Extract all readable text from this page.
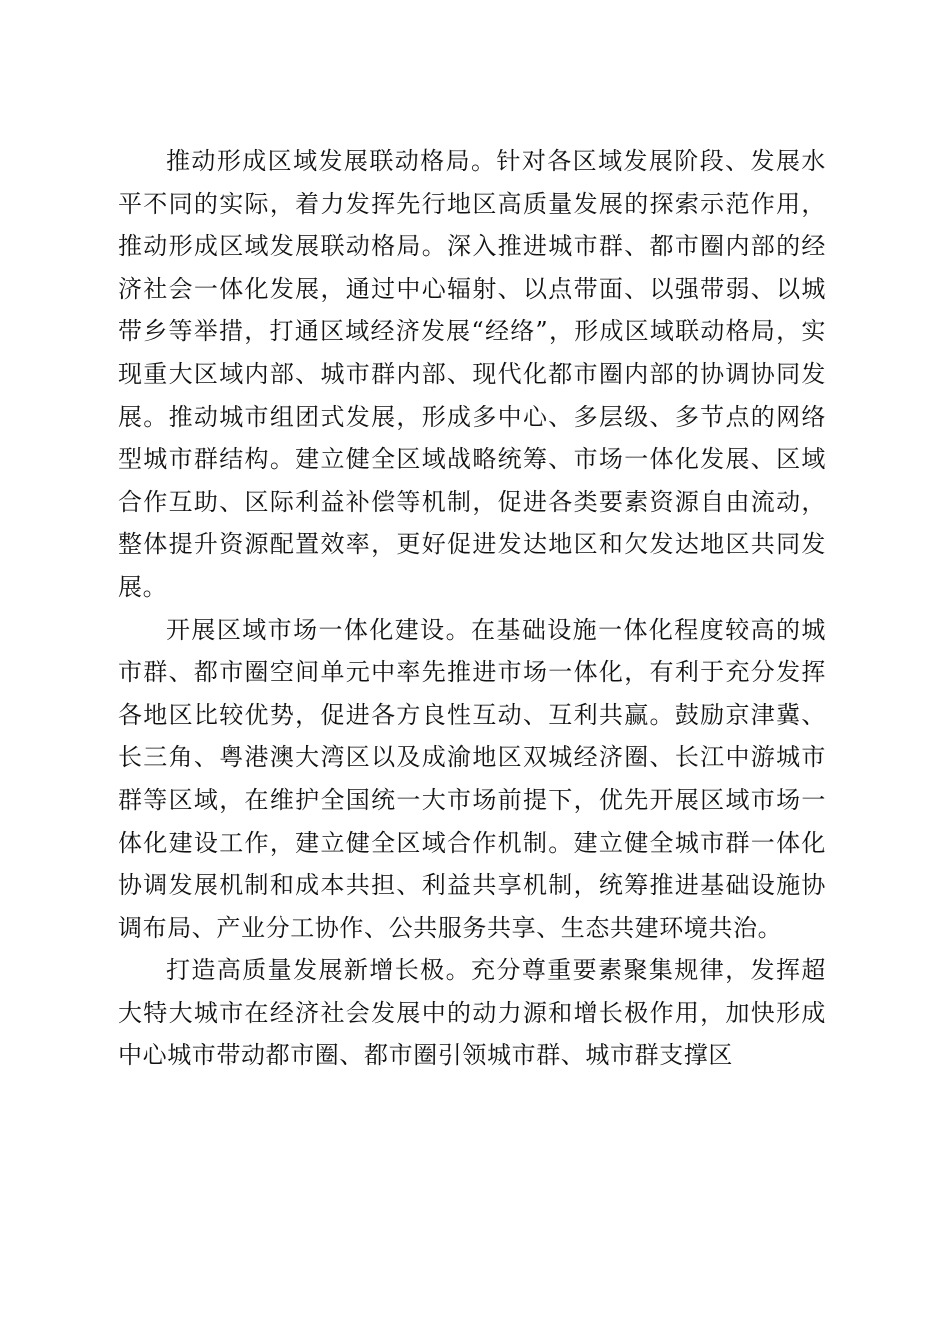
推动形成区域发展联动格局。针对各区域发展阶段、发展水平不同的实际，着力发挥先行地区高质量发展的探索示范作用，推动形成区域发展联动格局。深入推进城市群、都市圈内部的经济社会一体化发展，通过中心辐射、以点带面、以强带弱、以城带乡等举措，打通区域经济发展“经络”，形成区域联动格局，实现重大区域内部、城市群内部、现代化都市圈内部的协调协同发展。推动城市组团式发展，形成多中心、多层级、多节点的网络型城市群结构。建立健全区域战略统筹、市场一体化发展、区域合作互助、区际利益补偿等机制，促进各类要素资源自由流动，整体提升资源配置效率，更好促进发达地区和欠发达地区共同发展。

开展区域市场一体化建设。在基础设施一体化程度较高的城市群、都市圈空间单元中率先推进市场一体化，有利于充分发挥各地区比较优势，促进各方良性互动、互利共赢。鼓励京津冀、长三角、粤港澳大湾区以及成渝地区双城经济圈、长江中游城市群等区域，在维护全国统一大市场前提下，优先开展区域市场一体化建设工作，建立健全区域合作机制。建立健全城市群一体化协调发展机制和成本共担、利益共享机制，统筹推进基础设施协调布局、产业分工协作、公共服务共享、生态共建环境共治。

打造高质量发展新增长极。充分尊重要素聚集规律，发挥超大特大城市在经济社会发展中的动力源和增长极作用，加快形成中心城市带动都市圈、都市圈引领城市群、城市群支撑区
